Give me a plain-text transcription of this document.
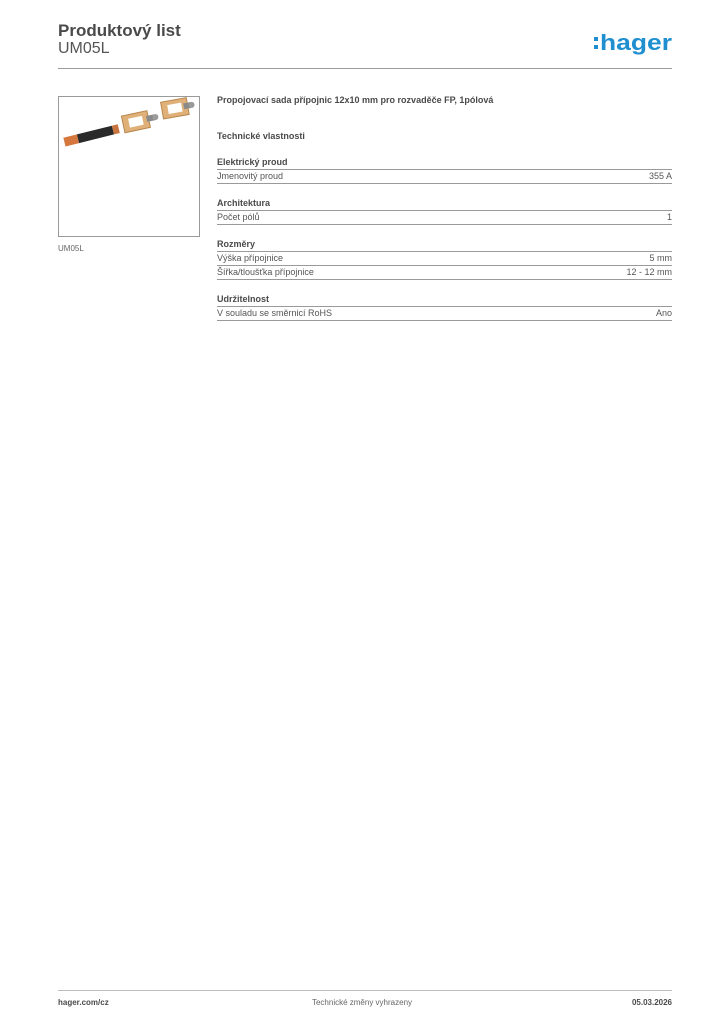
Produktový list
UM05L	hager
UM05L
Propojovací sada přípojnic 12x10 mm pro rozvaděče FP, 1pólová
Technické vlastnosti
Elektrický proud
Jmenovitý proud	355 A
Architektura
Počet pólů	1
Rozměry
Výška přípojnice	5 mm
Šířka/tloušťka přípojnice	12 - 12 mm
Udržitelnost
V souladu se směrnicí RoHS	Ano
hager.com/cz	Technické změny vyhrazeny	05.03.2026
